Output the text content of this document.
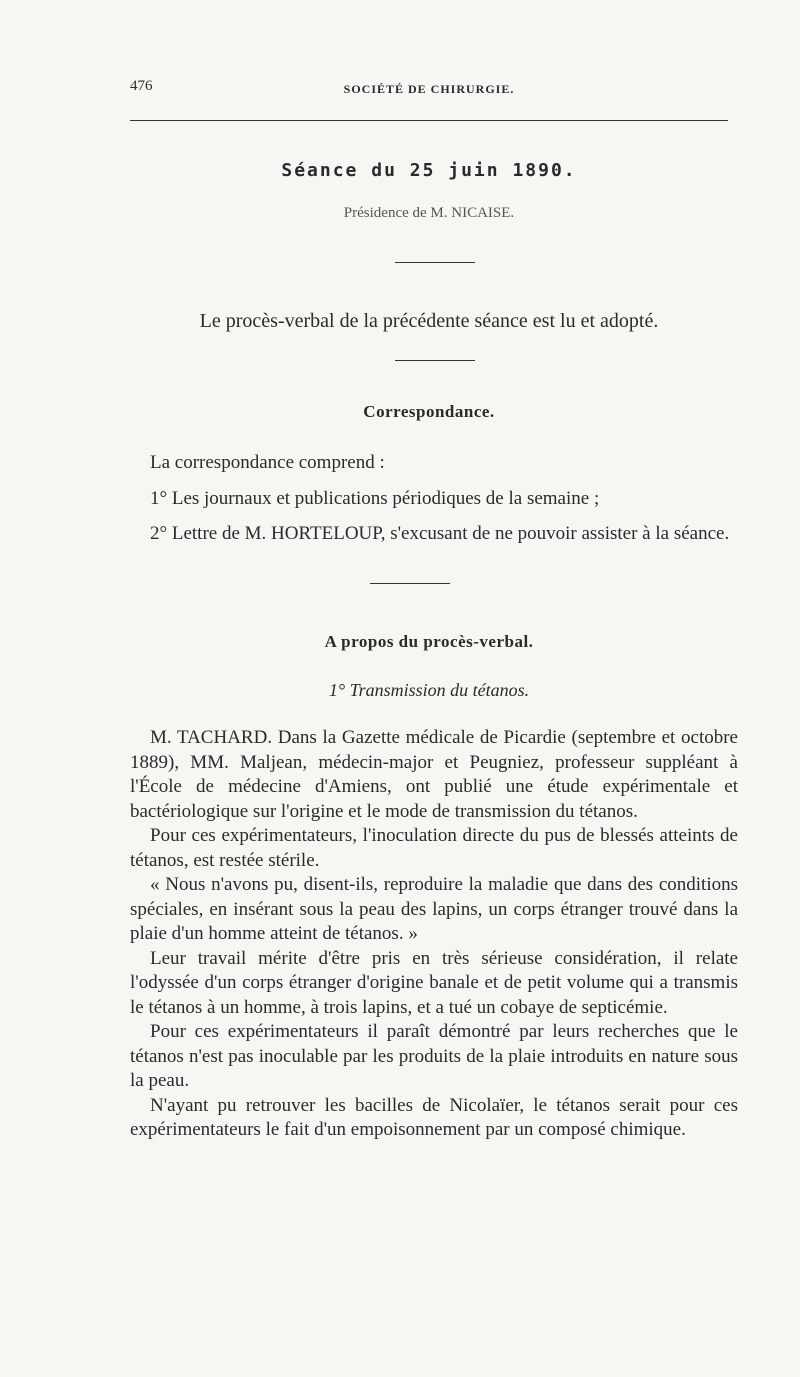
476	SOCIÉTÉ DE CHIRURGIE.
Séance du 25 juin 1890.
Présidence de M. NICAISE.
Le procès-verbal de la précédente séance est lu et adopté.
Correspondance.
La correspondance comprend :
1° Les journaux et publications périodiques de la semaine ;
2° Lettre de M. HORTELOUP, s'excusant de ne pouvoir assister à la séance.
A propos du procès-verbal.
1° Transmission du tétanos.

M. TACHARD. Dans la Gazette médicale de Picardie (septembre et octobre 1889), MM. Maljean, médecin-major et Peugniez, professeur suppléant à l'École de médecine d'Amiens, ont publié une étude expérimentale et bactériologique sur l'origine et le mode de transmission du tétanos.

Pour ces expérimentateurs, l'inoculation directe du pus de blessés atteints de tétanos, est restée stérile.

« Nous n'avons pu, disent-ils, reproduire la maladie que dans des conditions spéciales, en insérant sous la peau des lapins, un corps étranger trouvé dans la plaie d'un homme atteint de tétanos. »

Leur travail mérite d'être pris en très sérieuse considération, il relate l'odyssée d'un corps étranger d'origine banale et de petit volume qui a transmis le tétanos à un homme, à trois lapins, et a tué un cobaye de septicémie.

Pour ces expérimentateurs il paraît démontré par leurs recherches que le tétanos n'est pas inoculable par les produits de la plaie introduits en nature sous la peau.

N'ayant pu retrouver les bacilles de Nicolaïer, le tétanos serait pour ces expérimentateurs le fait d'un empoisonnement par un composé chimique.
